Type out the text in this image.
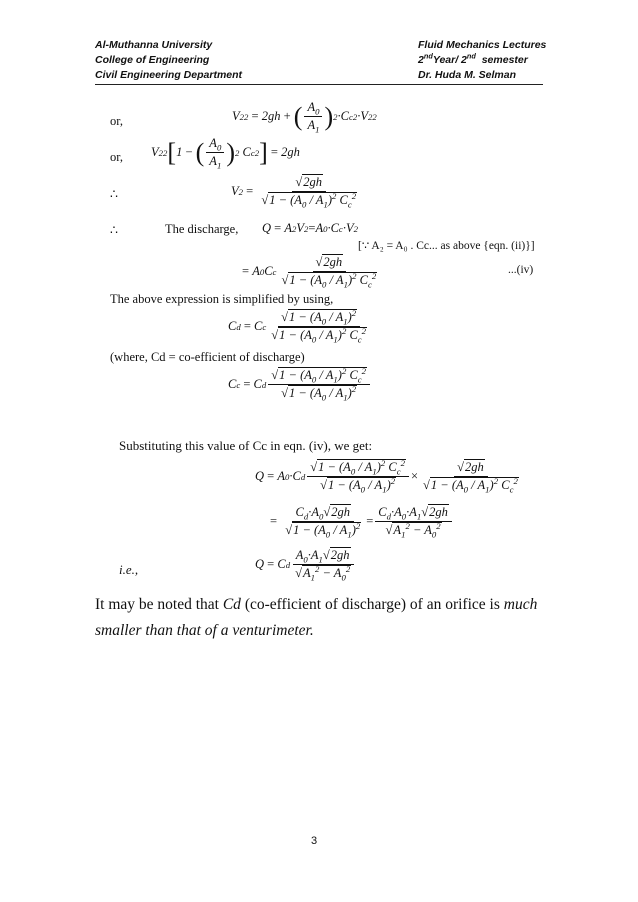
Al-Muthanna University
College of Engineering
Civil Engineering Department
Fluid Mechanics Lectures
2ndYear/ 2nd  semester
Dr. Huda M. Selman
or,	V 2 2
= 2 gh
+
( $\frac{A_0}{A_1}$ ) 2 ·C c 2 ·V 2 2
or, V 2 2 [ 1 − ( $\frac{A_0}{A_1}$ ) 2 C c 2 ]
= 2 gh
∴	V 2
=
$\frac{√2gh}{√1 - (A_0 / A_1)^2 C_c^2}$
∴	The discharge, Q = A 2 V 2 = A 0 ·C c ·V 2
[∵ A₂ = A₀ . Cc... as above {eqn. (ii)}]
= A 0 C c $\frac{√2gh}{√1 - (A_0 / A_1)^2 C_c^2}$	...(iv)
The above expression is simplified by using,
C d
= C c $\frac{√1 - (A_0 / A_1)^2}{√1 - (A_0 / A_1)^2 C_c^2}$
(where, Cd = co-efficient of discharge)
C c
= C d $\frac{√1 - (A_0 / A_1)^2 C_c^2}{√1 - (A_0 / A_1)^2}$
Substituting this value of Cc in eqn. (iv), we get:
Q = A 0 ·C d $\frac{√1 - (A_0 / A_1)^2 C_c^2}{√1 - (A_0 / A_1)^2} \times \frac{√2gh}{√1 - (A_0 / A_1)^2 C_c^2}$
=
$\frac{C_d\cdot A_0√2gh}{√1 - (A_0 / A_1)^2} = \frac{C_d\cdot A_0\cdot A_1√2gh}{√A_1^2 - A_0^2}$
i.e.,	Q = C d $\frac{A_0\cdot A_1√2gh}{√A_1^2 - A_0^2}$
It may be noted that Cd (co-efficient of discharge) of an orifice is much
smaller than that of a venturimeter.
3
